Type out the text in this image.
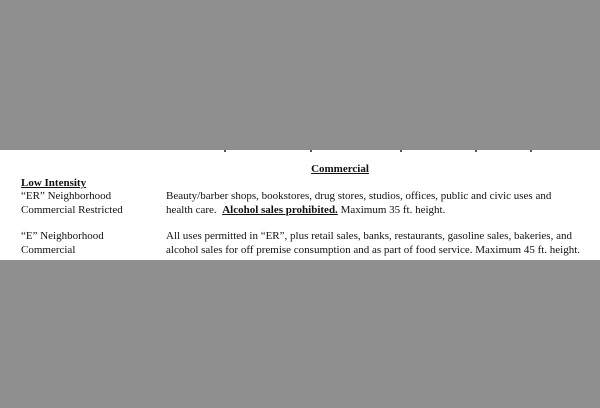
Commercial
Low Intensity
“ER” Neighborhood
Commercial Restricted
Beauty/barber shops, bookstores, drug stores, studios, offices, public and civic uses and
health care. Alcohol sales prohibited. Maximum 35 ft. height.
“E” Neighborhood
Commercial
All uses permitted in “ER”, plus retail sales, banks, restaurants, gasoline sales, bakeries, and
alcohol sales for off premise consumption and as part of food service. Maximum 45 ft. height.
